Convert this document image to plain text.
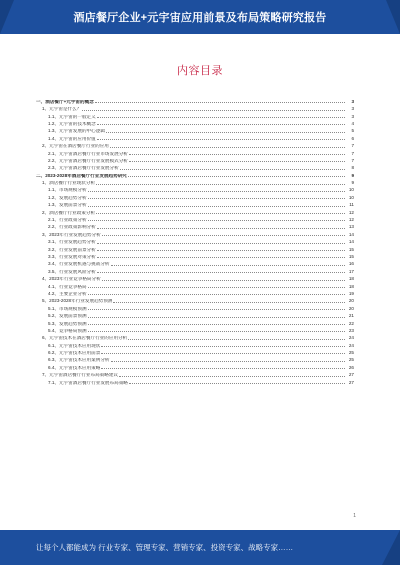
酒店餐厅企业+元宇宙应用前景及布局策略研究报告
内容目录
一、酒店餐厅+元宇宙的概念	3
1、元宇宙是什么？	3
1.1、元宇宙的一般定义	3
1.2、元宇宙的技术概念	4
1.3、元宇宙发展的中心逻辑	5
1.4、元宇宙的应用价值	6
2、元宇宙在酒店餐厅行业的应用	7
2.1、元宇宙酒店餐厅行业市场发展分析	7
2.2、元宇宙酒店餐厅行业发展模式分析	7
2.3、元宇宙酒店餐厅行业发展分析	8
二、2023-2028年酒店餐厅行业发展趋势研究	9
1、酒店餐厅行业现状分析	9
1.1、市场规模分析	10
1.2、发展趋势分析	10
1.3、发展前景分析	11
2、酒店餐厅行业政策分析	12
2.1、行业政策分析	12
2.2、行业政策影响分析	13
3、2023年行业发展趋势分析	14
3.1、行业发展趋势分析	14
3.2、行业发展前景分析	15
3.3、行业发展对策分析	15
3.4、行业发展机遇与挑战分析	16
3.5、行业发展风险分析	17
4、2023年行业竞争格局分析	18
4.1、行业竞争格局	18
4.2、主要企业分析	19
5、2023-2028年行业发展趋势预测	20
5.1、市场规模预测	20
5.2、发展前景预测	21
5.3、发展趋势预测	22
5.4、竞争格局预测	23
6、元宇宙技术在酒店餐厅行业的应用分析	24
6.1、元宇宙技术应用现状	24
6.2、元宇宙技术应用前景	25
6.3、元宇宙技术应用案例分析	25
6.4、元宇宙技术应用策略	26
7、元宇宙酒店餐厅行业布局策略建议	27
7.1、元宇宙酒店餐厅行业发展布局策略	27
1
让每个人都能成为 行业专家、管理专家、营销专家、投资专家、战略专家……
